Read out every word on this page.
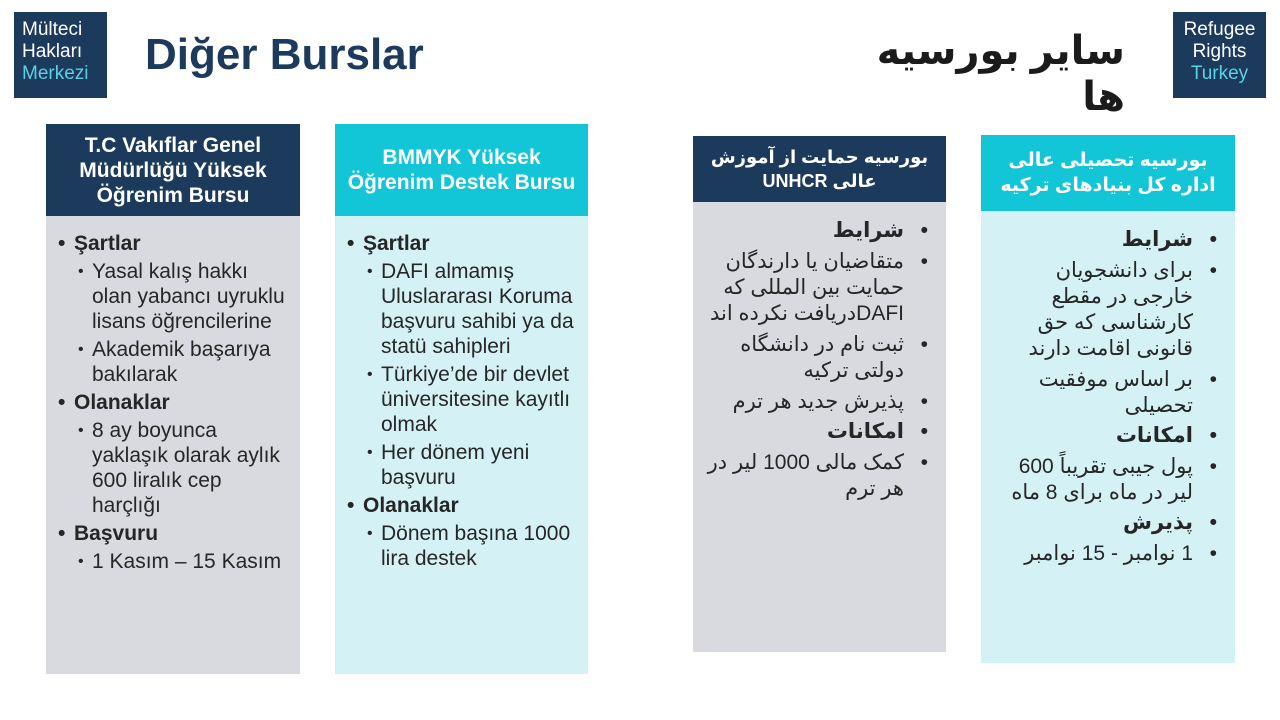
Mülteci
Hakları
Merkezi Diğer Burslar	سایر بورسیه ها
Refugee
Rights
Turkey
T.C Vakıflar Genel Müdürlüğü Yüksek Öğrenim Bursu
• Şartlar
• Yasal kalış hakkı olan yabancı uyruklu lisans öğrencilerine
• Akademik başarıya bakılarak
• Olanaklar
• 8 ay boyunca yaklaşık olarak aylık 600 liralık cep harçlığı
• Başvuru
• 1 Kasım – 15 Kasım
BMMYK Yüksek Öğrenim Destek Bursu
• Şartlar
• DAFI almamış Uluslararası Koruma başvuru sahibi ya da statü sahipleri
• Türkiye’de bir devlet üniversitesine kayıtlı olmak
• Her dönem yeni başvuru
• Olanaklar
• Dönem başına 1000 lira destek
بورسیه حمایت از آموزش عالی UNHCR
• شرایط
• متقاضیان یا دارندگان حمایت بین المللی که DAFIدریافت نکرده اند
• ثبت نام در دانشگاه دولتی ترکیه
• پذیرش جدید هر ترم
• امکانات
• کمک مالی 1000 لیر در هر ترم
بورسیه تحصیلی عالی اداره کل بنیادهای ترکیه
• شرایط
• برای دانشجویان خارجی در مقطع کارشناسی که حق قانونی اقامت دارند
• بر اساس موفقیت تحصیلی
• امکانات
• پول جیبی تقریباً 600 لیر در ماه برای 8 ماه
• پذیرش
• 1 نوامبر - 15 نوامبر
